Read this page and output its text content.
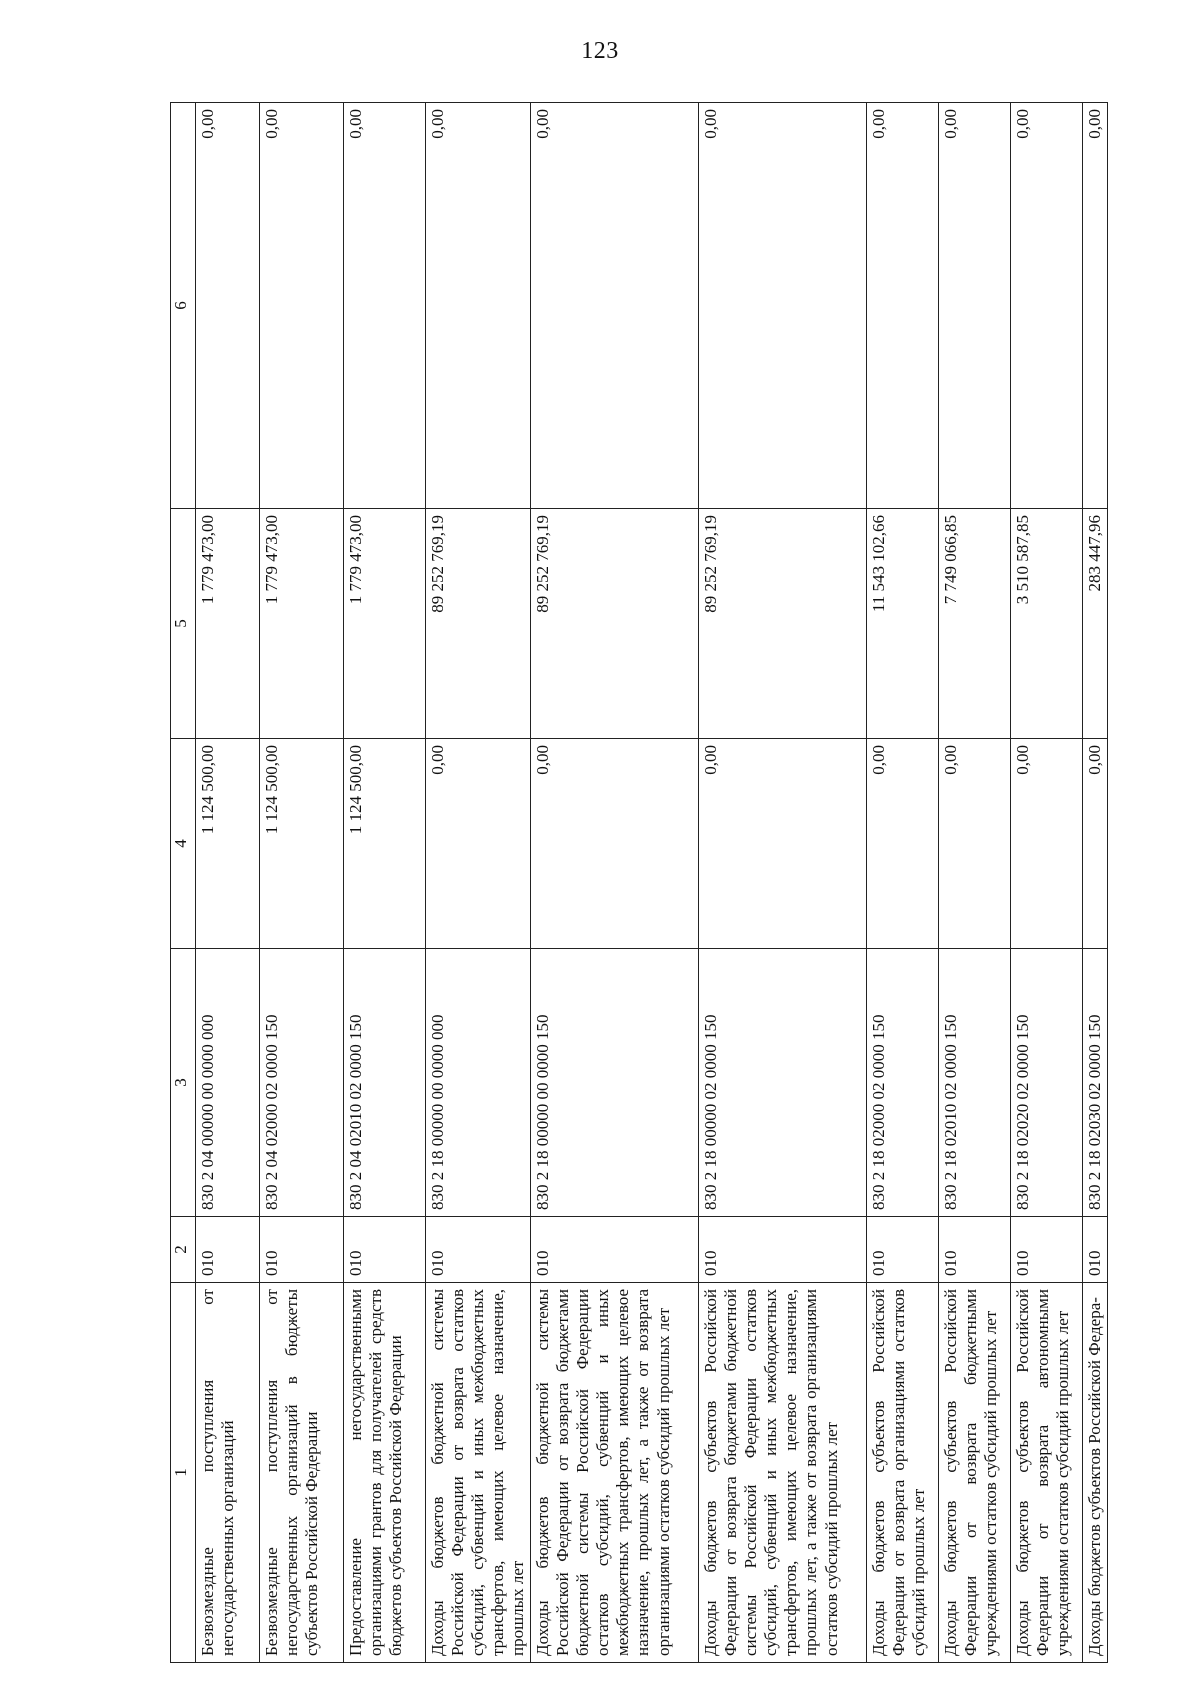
123
1	2	3	4	5	6
Безвозмездные поступления от негосударственных организаций	010	830 2 04 00000 00 0000 000	1 124 500,00	1 779 473,00	0,00
Безвозмездные поступления от негосударственных организаций в бюджеты субъектов Российской Федерации	010	830 2 04 02000 02 0000 150	1 124 500,00	1 779 473,00	0,00
Предоставление негосударственными организациями грантов для получателей средств бюджетов субъектов Российской Федерации	010	830 2 04 02010 02 0000 150	1 124 500,00	1 779 473,00	0,00
Доходы бюджетов бюджетной системы Российской Федерации от возврата остатков субсидий, субвенций и иных межбюджетных трансфертов, имеющих целевое назначение, прошлых лет	010	830 2 18 00000 00 0000 000	0,00	89 252 769,19	0,00
Доходы бюджетов бюджетной системы Российской Федерации от возврата бюджетами бюджетной системы Российской Федерации остатков субсидий, субвенций и иных межбюджетных трансфертов, имеющих целевое назначение, прошлых лет, а также от возврата организациями остатков субсидий прошлых лет	010	830 2 18 00000 00 0000 150	0,00	89 252 769,19	0,00
Доходы бюджетов субъектов Российской Федерации от возврата бюджетами бюджетной системы Российской Федерации остатков субсидий, субвенций и иных межбюджетных трансфертов, имеющих целевое назначение, прошлых лет, а также от возврата организациями остатков субсидий прошлых лет	010	830 2 18 00000 02 0000 150	0,00	89 252 769,19	0,00
Доходы бюджетов субъектов Российской Федерации от возврата организациями остатков субсидий прошлых лет	010	830 2 18 02000 02 0000 150	0,00	11 543 102,66	0,00
Доходы бюджетов субъектов Российской Федерации от возврата бюджетными учреждениями остатков субсидий прошлых лет	010	830 2 18 02010 02 0000 150	0,00	7 749 066,85	0,00
Доходы бюджетов субъектов Российской Федерации от возврата автономными учреждениями остатков субсидий прошлых лет	010	830 2 18 02020 02 0000 150	0,00	3 510 587,85	0,00
Доходы бюджетов субъектов Российской Федера-	010	830 2 18 02030 02 0000 150	0,00	283 447,96	0,00
